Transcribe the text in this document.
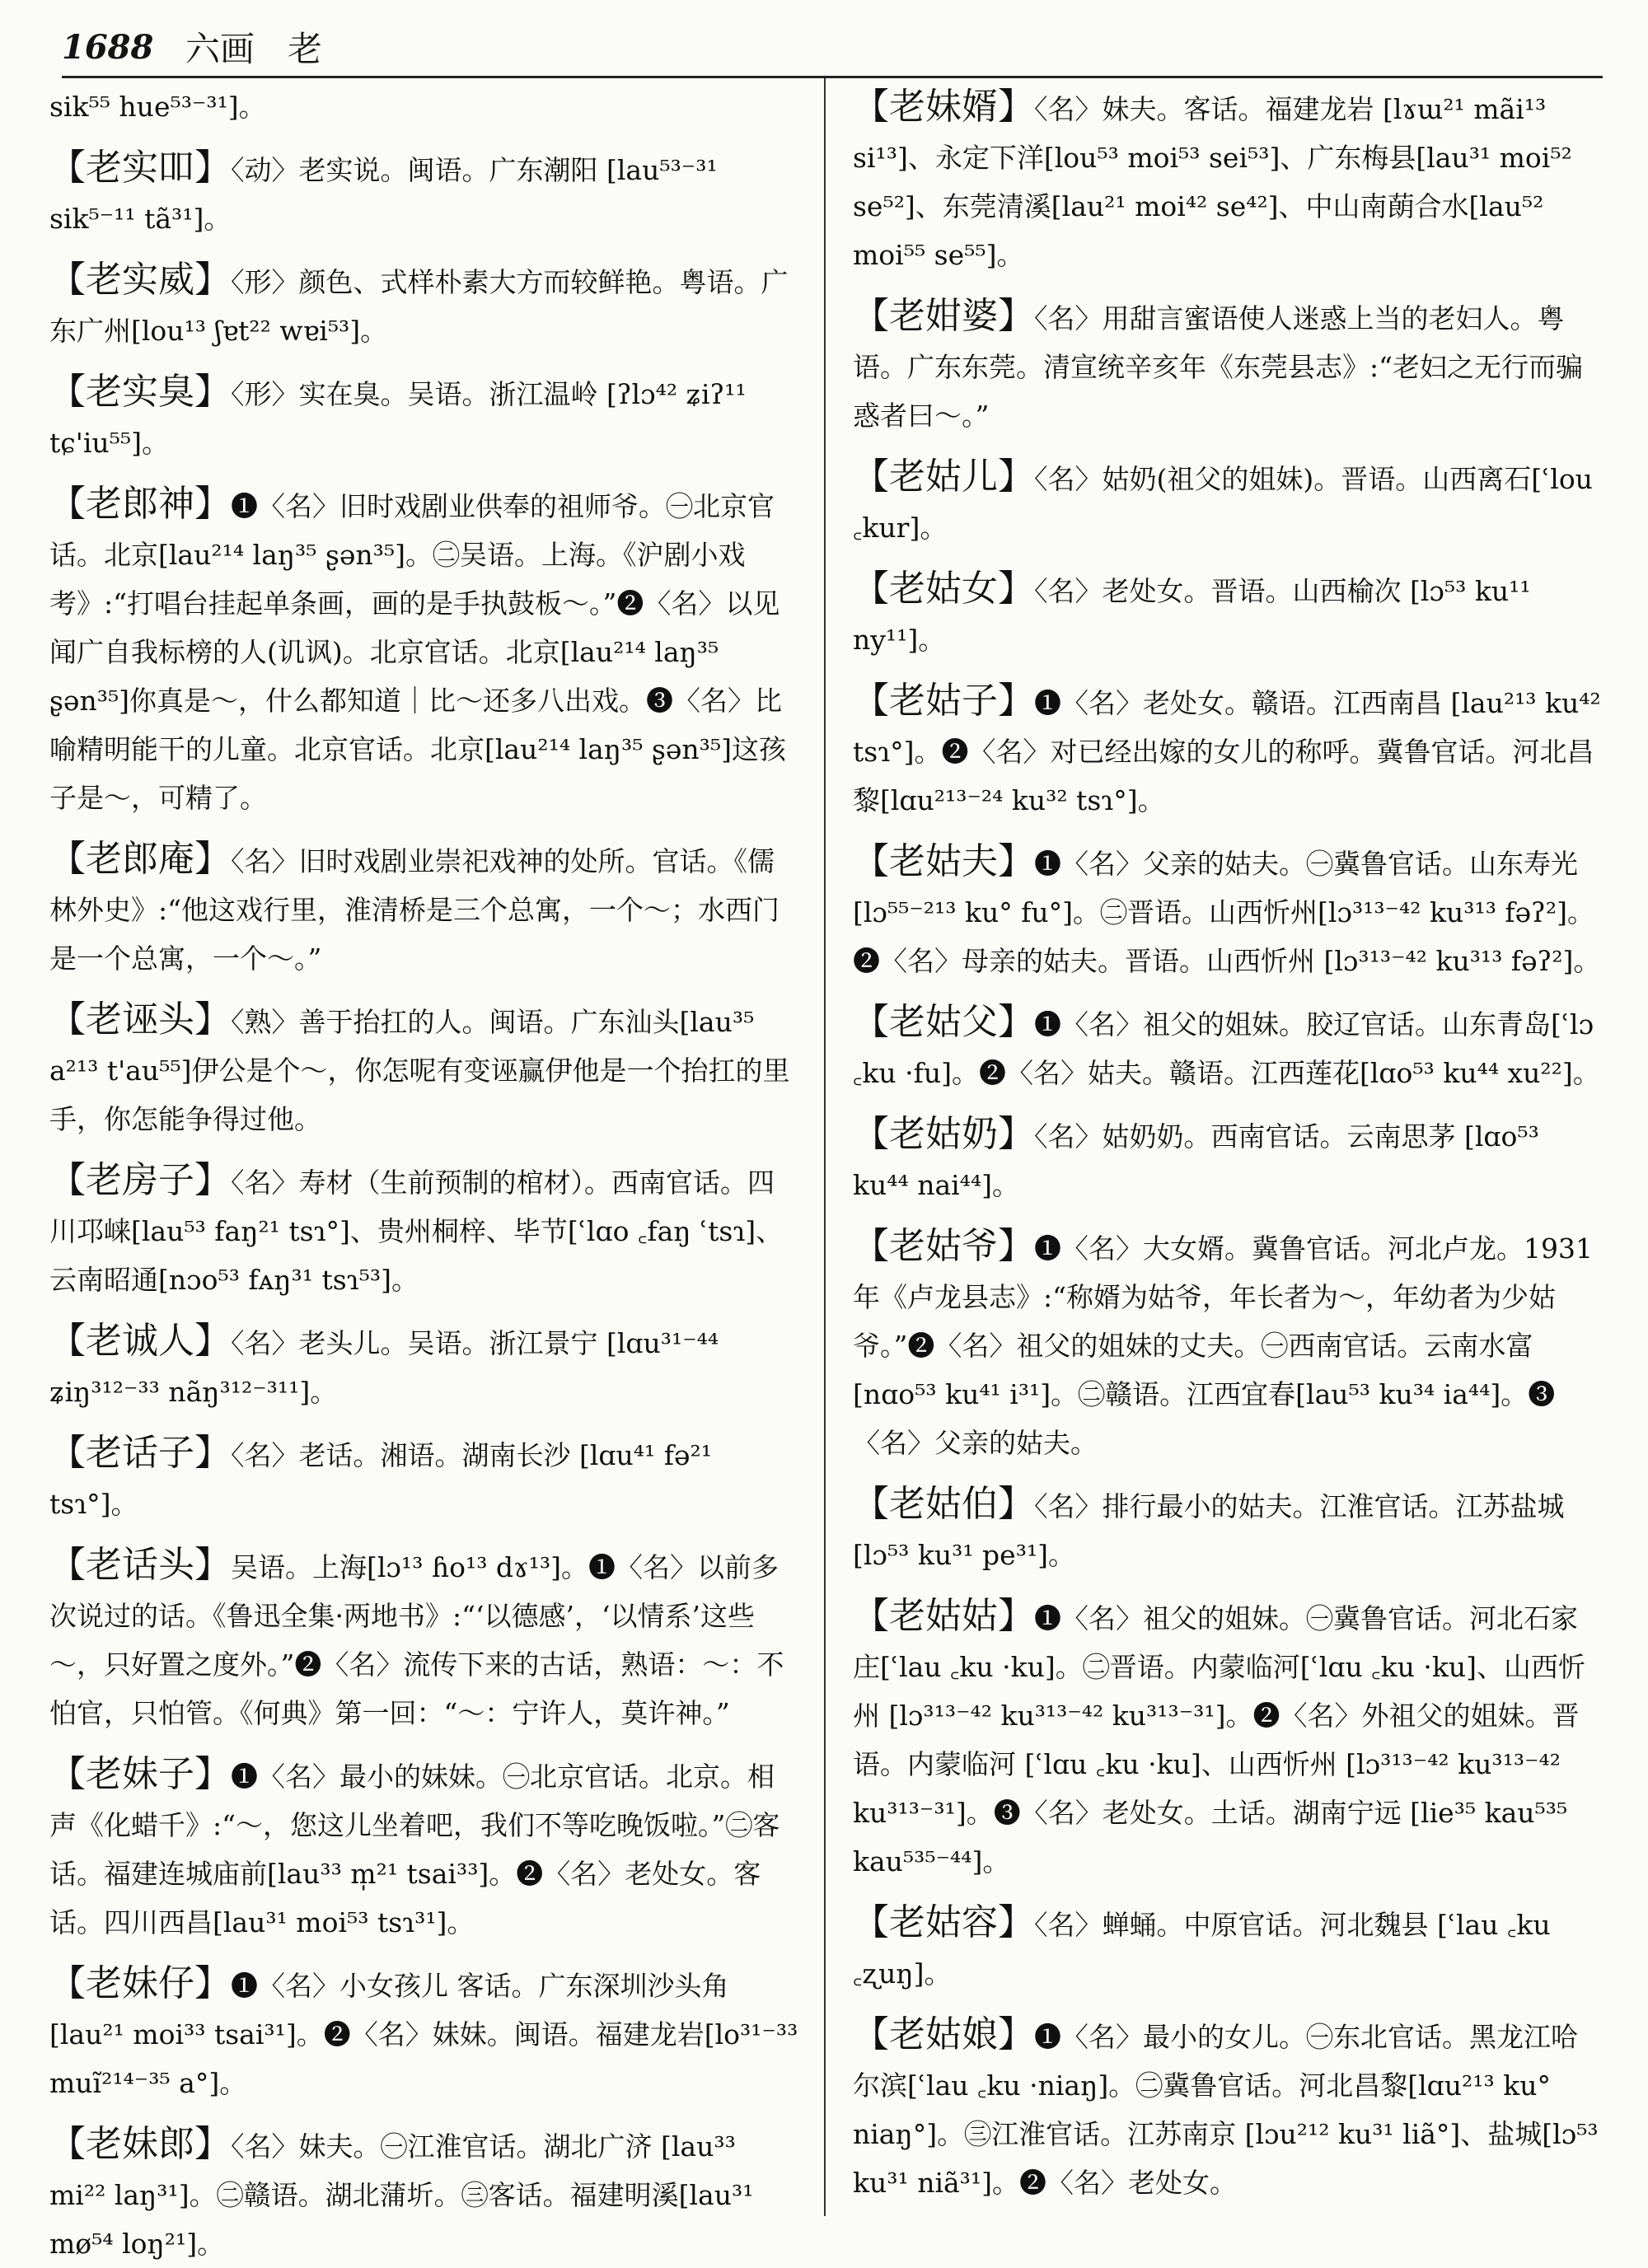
1688 六画 老
sik⁵⁵ hue⁵³⁻³¹]。
【老实吅】〈动〉老实说。闽语。广东潮阳 [lau⁵³⁻³¹ sik⁵⁻¹¹ tã³¹]。
【老实威】〈形〉颜色、式样朴素大方而较鲜艳。粤语。广东广州[lou¹³ ʃɐt²² wɐi⁵³]。
【老实臭】〈形〉实在臭。吴语。浙江温岭 [ʔlɔ⁴² ʑiʔ¹¹ tɕ'iu⁵⁵]。
【老郎神】❶〈名〉旧时戏剧业供奉的祖师爷。㊀北京官话。北京[lau²¹⁴ laŋ³⁵ ʂən³⁵]。㊁吴语。上海。《沪剧小戏考》:“打唱台挂起单条画，画的是手执鼓板～。”❷〈名〉以见闻广自我标榜的人(讥讽)。北京官话。北京[lau²¹⁴ laŋ³⁵ ʂən³⁵]你真是～，什么都知道｜比～还多八出戏。❸〈名〉比喻精明能干的儿童。北京官话。北京[lau²¹⁴ laŋ³⁵ ʂən³⁵]这孩子是～，可精了。
【老郎庵】〈名〉旧时戏剧业崇祀戏神的处所。官话。《儒林外史》:“他这戏行里，淮清桥是三个总寓，一个～；水西门是一个总寓，一个～。”
【老诬头】〈熟〉善于抬扛的人。闽语。广东汕头[lau³⁵ a²¹³ t'au⁵⁵]伊公是个～，你怎呢有变诬赢伊他是一个抬扛的里手，你怎能争得过他。
【老房子】〈名〉寿材（生前预制的棺材）。西南官话。四川邛崃[lau⁵³ faŋ²¹ tsɿ°]、贵州桐梓、毕节[ʿlɑo ꜀faŋ ʿtsɿ]、云南昭通[nɔo⁵³ fᴀŋ³¹ tsɿ⁵³]。
【老诚人】〈名〉老头儿。吴语。浙江景宁 [lɑu³¹⁻⁴⁴ ʑiŋ³¹²⁻³³ nãŋ³¹²⁻³¹¹]。
【老话子】〈名〉老话。湘语。湖南长沙 [lɑu⁴¹ fə²¹ tsɿ°]。
【老话头】吴语。上海[lɔ¹³ ɦo¹³ dɤ¹³]。❶〈名〉以前多次说过的话。《鲁迅全集·两地书》:“‘以德感’，‘以情系’这些～，只好置之度外。”❷〈名〉流传下来的古话，熟语：～：不怕官，只怕管。《何典》第一回：“～：宁许人，莫许神。”
【老妹子】❶〈名〉最小的妹妹。㊀北京官话。北京。相声《化蜡千》:“～，您这儿坐着吧，我们不等吃晚饭啦。”㊁客话。福建连城庙前[lau³³ m̩²¹ tsai³³]。❷〈名〉老处女。客话。四川西昌[lau³¹ moi⁵³ tsɿ³¹]。
【老妹仔】❶〈名〉小女孩儿 客话。广东深圳沙头角[lau²¹ moi³³ tsai³¹]。❷〈名〉妹妹。闽语。福建龙岩[lo³¹⁻³³ muĩ²¹⁴⁻³⁵ a°]。
【老妹郎】〈名〉妹夫。㊀江淮官话。湖北广济 [lau³³ mi²² laŋ³¹]。㊁赣语。湖北蒲圻。㊂客话。福建明溪[lau³¹ mø⁵⁴ loŋ²¹]。
【老妹婿】〈名〉妹夫。客话。福建龙岩 [lɤɯ²¹ mãi¹³ si¹³]、永定下洋[lou⁵³ moi⁵³ sei⁵³]、广东梅县[lau³¹ moi⁵² se⁵²]、东莞清溪[lau²¹ moi⁴² se⁴²]、中山南蓢合水[lau⁵² moi⁵⁵ se⁵⁵]。
【老姏婆】〈名〉用甜言蜜语使人迷惑上当的老妇人。粤语。广东东莞。清宣统辛亥年《东莞县志》:“老妇之无行而骗惑者曰～。”
【老姑儿】〈名〉姑奶(祖父的姐妹)。晋语。山西离石[ʿlou ꜀kur]。
【老姑女】〈名〉老处女。晋语。山西榆次 [lɔ⁵³ ku¹¹ ny¹¹]。
【老姑子】❶〈名〉老处女。赣语。江西南昌 [lau²¹³ ku⁴² tsɿ°]。❷〈名〉对已经出嫁的女儿的称呼。冀鲁官话。河北昌黎[lɑu²¹³⁻²⁴ ku³² tsɿ°]。
【老姑夫】❶〈名〉父亲的姑夫。㊀冀鲁官话。山东寿光[lɔ⁵⁵⁻²¹³ ku° fu°]。㊁晋语。山西忻州[lɔ³¹³⁻⁴² ku³¹³ fəʔ²]。❷〈名〉母亲的姑夫。晋语。山西忻州 [lɔ³¹³⁻⁴² ku³¹³ fəʔ²]。
【老姑父】❶〈名〉祖父的姐妹。胶辽官话。山东青岛[ʿlɔ ꜀ku ·fu]。❷〈名〉姑夫。赣语。江西莲花[lɑo⁵³ ku⁴⁴ xu²²]。
【老姑奶】〈名〉姑奶奶。西南官话。云南思茅 [lɑo⁵³ ku⁴⁴ nai⁴⁴]。
【老姑爷】❶〈名〉大女婿。冀鲁官话。河北卢龙。1931年《卢龙县志》:“称婿为姑爷，年长者为～，年幼者为少姑爷。”❷〈名〉祖父的姐妹的丈夫。㊀西南官话。云南水富[nɑo⁵³ ku⁴¹ i³¹]。㊁赣语。江西宜春[lau⁵³ ku³⁴ ia⁴⁴]。❸〈名〉父亲的姑夫。
【老姑伯】〈名〉排行最小的姑夫。江淮官话。江苏盐城[lɔ⁵³ ku³¹ pe³¹]。
【老姑姑】❶〈名〉祖父的姐妹。㊀冀鲁官话。河北石家庄[ʿlau ꜀ku ·ku]。㊁晋语。内蒙临河[ʿlɑu ꜀ku ·ku]、山西忻州 [lɔ³¹³⁻⁴² ku³¹³⁻⁴² ku³¹³⁻³¹]。❷〈名〉外祖父的姐妹。晋语。内蒙临河 [ʿlɑu ꜀ku ·ku]、山西忻州 [lɔ³¹³⁻⁴² ku³¹³⁻⁴² ku³¹³⁻³¹]。❸〈名〉老处女。土话。湖南宁远 [lie³⁵ kau⁵³⁵ kau⁵³⁵⁻⁴⁴]。
【老姑容】〈名〉蝉蛹。中原官话。河北魏县 [ʿlau ꜀ku ꜀ʐuŋ]。
【老姑娘】❶〈名〉最小的女儿。㊀东北官话。黑龙江哈尔滨[ʿlau ꜀ku ·niaŋ]。㊁冀鲁官话。河北昌黎[lɑu²¹³ ku° niaŋ°]。㊂江淮官话。江苏南京 [lɔu²¹² ku³¹ liã°]、盐城[lɔ⁵³ ku³¹ niã³¹]。❷〈名〉老处女。
